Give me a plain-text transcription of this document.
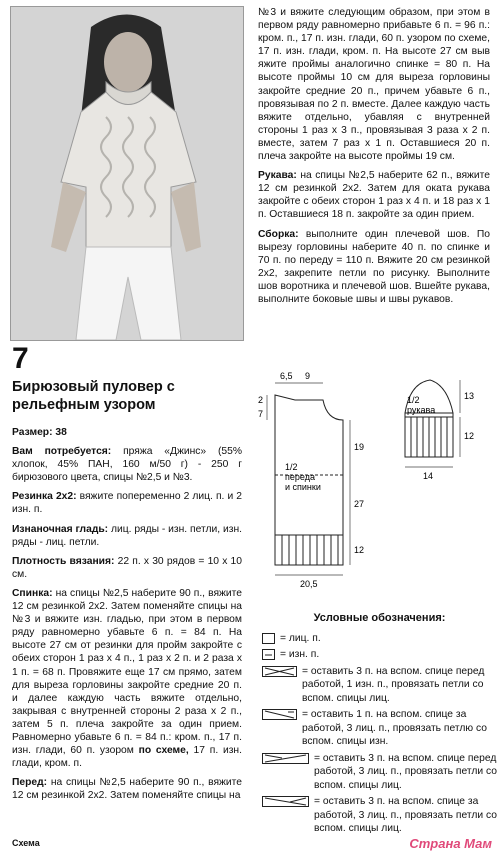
7
Бирюзовый пуловер с рельефным узором

Размер: 38

Вам потребуется: пряжа «Джинс» (55% хлопок, 45% ПАН, 160 м/50 г) - 250 г бирюзового цвета, спицы №2,5 и №3.

Резинка 2х2: вяжите попеременно 2 лиц. п. и 2 изн. п.

Изнаночная гладь: лиц. ряды - изн. петли, изн. ряды - лиц. петли.

Плотность вязания: 22 п. х 30 рядов = 10 х 10 см.

Спинка: на спицы №2,5 наберите 90 п., вяжите 12 см резинкой 2х2. Затем поменяйте спицы на №3 и вяжите изн. гладью, при этом в первом ряду равномерно убавьте 6 п. = 84 п. На высоте 27 см от резинки для пройм закройте с обеих сторон 1 раз х 4 п., 1 раз х 2 п. и 2 раза х 1 п. = 68 п. Провяжите еще 17 см прямо, затем для выреза горловины закройте средние 20 п. и далее каждую часть вяжите отдельно, закрывая с внутренней стороны 2 раза х 2 п., затем 5 п. плеча закройте за один прием. Равномерно убавьте 6 п. = 84 п.: кром. п., 17 п. изн. глади, 60 п. узором по схеме, 17 п. изн. глади, кром. п.

Перед: на спицы №2,5 наберите 90 п., вяжите 12 см резинкой 2х2. Затем поменяйте спицы на

Схема

№3 и вяжите следующим образом, при этом в первом ряду равномерно прибавьте 6 п. = 96 п.: кром. п., 17 п. изн. глади, 60 п. узором по схеме, 17 п. изн. глади, кром. п. На высоте 27 см выв яжите проймы аналогично спинке = 80 п. На высоте проймы 10 см для выреза горловины закройте средние 20 п., причем убавьте 6 п., провязывая по 2 п. вместе. Далее каждую часть вяжите отдельно, убавляя с внутренней стороны 1 раз х 3 п., провязывая 3 раза х 2 п. вместе, затем 7 раз х 1 п. Оставшиеся 20 п. плеча закройте на высоте проймы 19 см.

Рукава: на спицы №2,5 наберите 62 п., вяжите 12 см резинкой 2х2. Затем для оката рукава закройте с обеих сторон 1 раз х 4 п. и 18 раз х 1 п. Оставшиеся 18 п. закройте за один прием.

Сборка: выполните один плечевой шов. По вырезу горловины наберите 40 п. по спинке и 70 п. по переду = 110 п. Вяжите 20 см резинкой 2х2, закрепите петли по рисунку. Выполните шов воротника и плечевой шов. Вшейте рукава, выполните боковые швы и швы рукавов.

6,5 9
2
7
19
27
12
20,5
1/2
переда
и спинки
1/2
рукава
13
12
14
Условные обозначения:
= лиц. п.
= изн. п.
= оставить 3 п. на вспом. спице перед работой, 1 изн. п., провязать петли со вспом. спицы лиц.
= оставить 1 п. на вспом. спице за работой, 3 лиц. п., провязать петлю со вспом. спицы изн.
= оставить 3 п. на вспом. спице перед работой, 3 лиц. п., провязать петли со вспом. спицы лиц.
= оставить 3 п. на вспом. спице за работой, 3 лиц. п., провязать петли со вспом. спицы лиц.
Страна Мам
